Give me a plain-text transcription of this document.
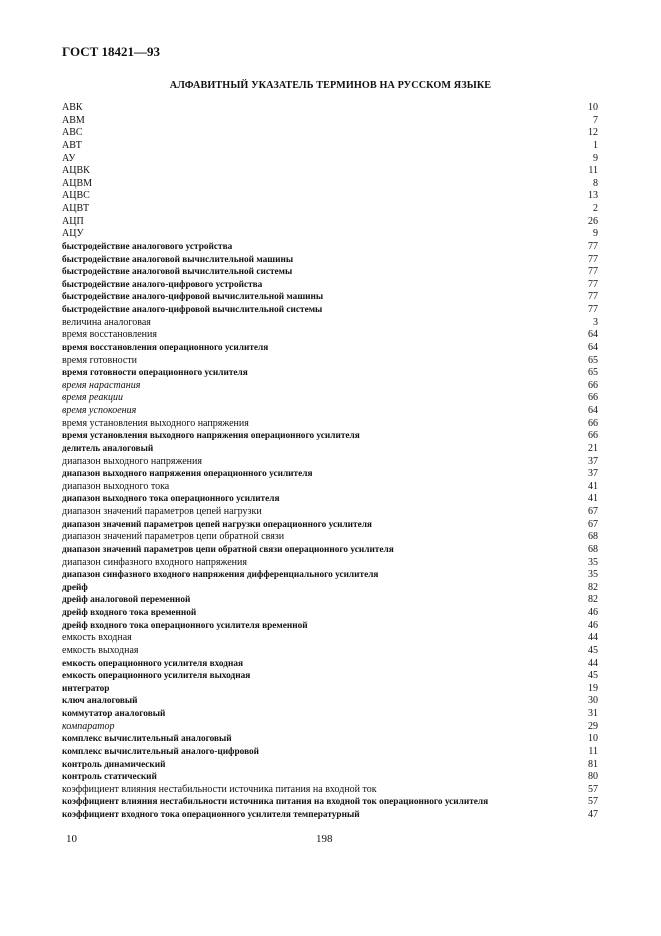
ГОСТ 18421—93
АЛФАВИТНЫЙ УКАЗАТЕЛЬ ТЕРМИНОВ НА РУССКОМ ЯЗЫКЕ
АВК	10
АВМ	7
АВС	12
АВТ	1
АУ	9
АЦВК	11
АЦВМ	8
АЦВС	13
АЦВТ	2
АЦП	26
АЦУ	9
быстродействие аналогового устройства	77
быстродействие аналоговой вычислительной машины	77
быстродействие аналоговой вычислительной системы	77
быстродействие аналого-цифрового устройства	77
быстродействие аналого-цифровой вычислительной машины	77
быстродействие аналого-цифровой вычислительной системы	77
величина аналоговая	3
время восстановления	64
время восстановления операционного усилителя	64
время готовности	65
время готовности операционного усилителя	65
время нарастания	66
время реакции	66
время успокоения	64
время установления выходного напряжения	66
время установления выходного напряжения операционного усилителя	66
делитель аналоговый	21
диапазон выходного напряжения	37
диапазон выходного напряжения операционного усилителя	37
диапазон выходного тока	41
диапазон выходного тока операционного усилителя	41
диапазон значений параметров цепей нагрузки	67
диапазон значений параметров цепей нагрузки операционного усилителя	67
диапазон значений параметров цепи обратной связи	68
диапазон значений параметров цепи обратной связи операционного усилителя	68
диапазон синфазного входного напряжения	35
диапазон синфазного входного напряжения дифференциального усилителя	35
дрейф	82
дрейф аналоговой переменной	82
дрейф входного тока временной	46
дрейф входного тока операционного усилителя временной	46
емкость входная	44
емкость выходная	45
емкость операционного усилителя входная	44
емкость операционного усилителя выходная	45
интегратор	19
ключ аналоговый	30
коммутатор аналоговый	31
компаратор	29
комплекс вычислительный аналоговый	10
комплекс вычислительный аналого-цифровой	11
контроль динамический	81
контроль статический	80
коэффициент влияния нестабильности источника питания на входной ток	57
коэффициент влияния нестабильности источника питания на входной ток операционного усилителя	57
коэффициент входного тока операционного усилителя температурный	47
10	198
